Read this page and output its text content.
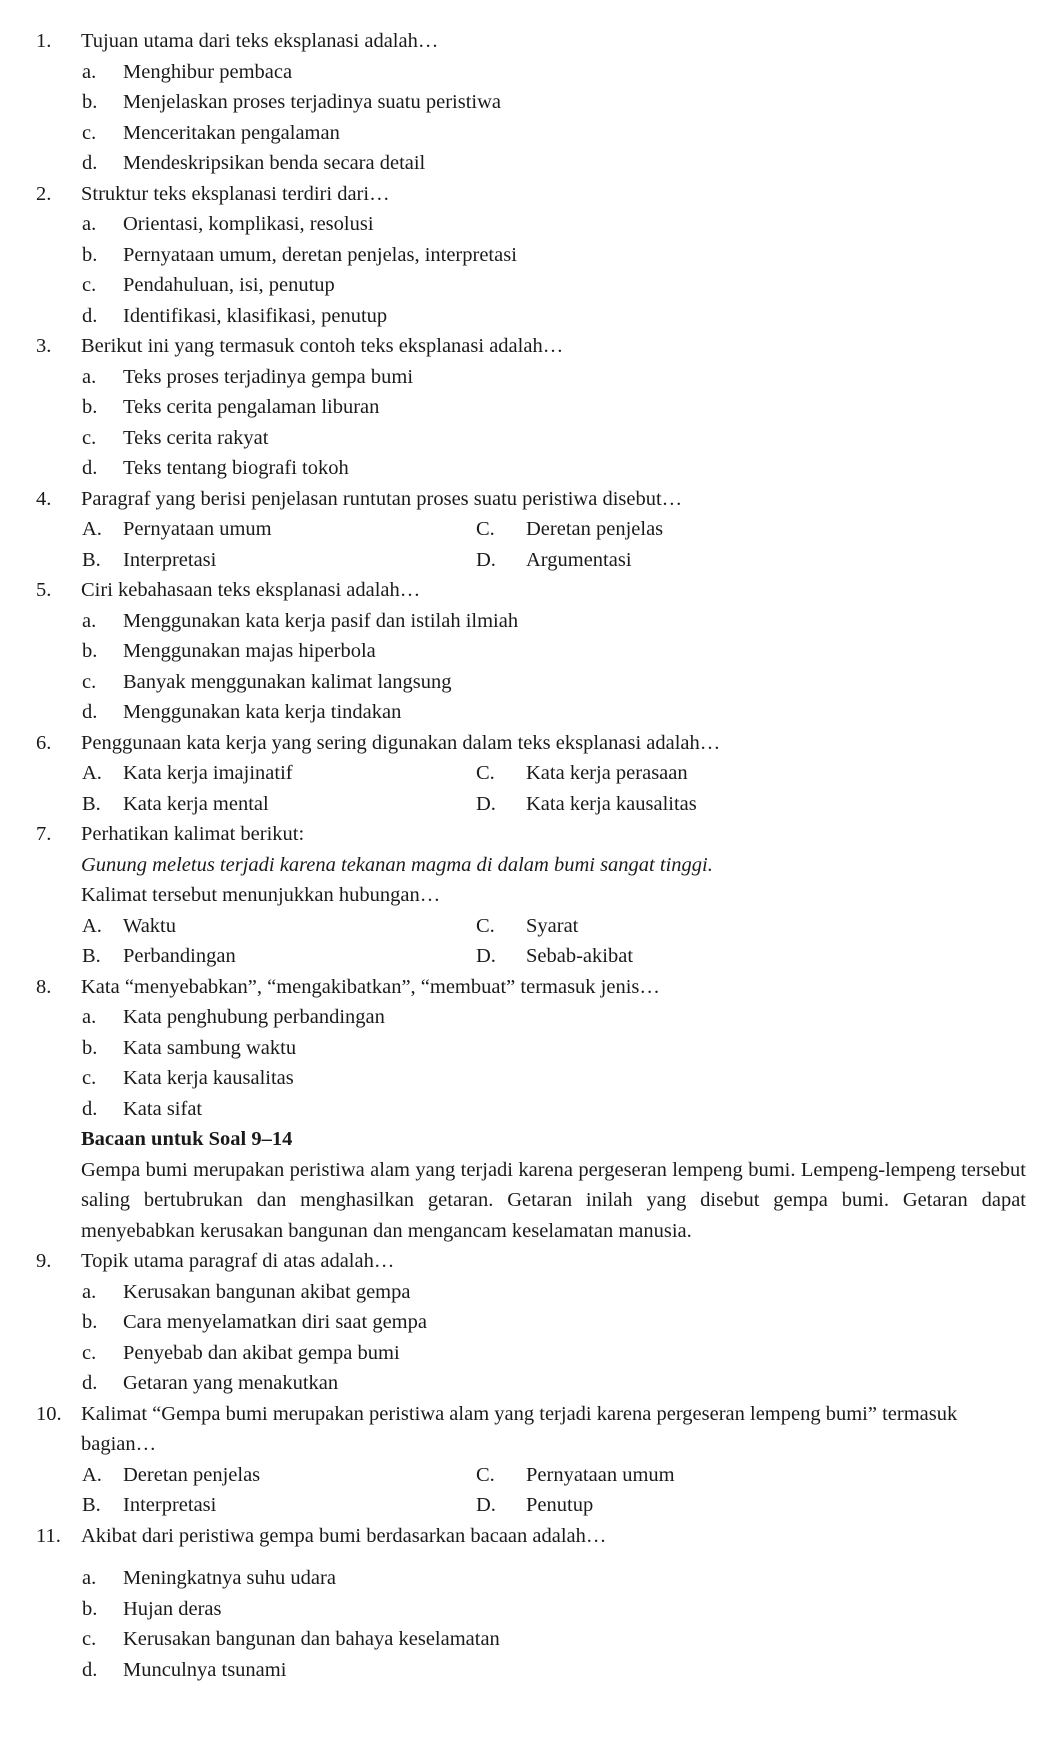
1. Tujuan utama dari teks eksplanasi adalah…
a. Menghibur pembaca
b. Menjelaskan proses terjadinya suatu peristiwa
c. Menceritakan pengalaman
d. Mendeskripsikan benda secara detail
2. Struktur teks eksplanasi terdiri dari…
a. Orientasi, komplikasi, resolusi
b. Pernyataan umum, deretan penjelas, interpretasi
c. Pendahuluan, isi, penutup
d. Identifikasi, klasifikasi, penutup
3. Berikut ini yang termasuk contoh teks eksplanasi adalah…
a. Teks proses terjadinya gempa bumi
b. Teks cerita pengalaman liburan
c. Teks cerita rakyat
d. Teks tentang biografi tokoh
4. Paragraf yang berisi penjelasan runtutan proses suatu peristiwa disebut…
A. Pernyataan umum	C. Deretan penjelas
B. Interpretasi	D. Argumentasi
5. Ciri kebahasaan teks eksplanasi adalah…
a. Menggunakan kata kerja pasif dan istilah ilmiah
b. Menggunakan majas hiperbola
c. Banyak menggunakan kalimat langsung
d. Menggunakan kata kerja tindakan
6. Penggunaan kata kerja yang sering digunakan dalam teks eksplanasi adalah…
A. Kata kerja imajinatif	C. Kata kerja perasaan
B. Kata kerja mental	D. Kata kerja kausalitas
7. Perhatikan kalimat berikut:
Gunung meletus terjadi karena tekanan magma di dalam bumi sangat tinggi.
Kalimat tersebut menunjukkan hubungan…
A. Waktu	C. Syarat
B. Perbandingan	D. Sebab-akibat
8. Kata “menyebabkan”, “mengakibatkan”, “membuat” termasuk jenis…
a. Kata penghubung perbandingan
b. Kata sambung waktu
c. Kata kerja kausalitas
d. Kata sifat
Bacaan untuk Soal 9–14
Gempa bumi merupakan peristiwa alam yang terjadi karena pergeseran lempeng bumi. Lempeng-lempeng tersebut saling bertubrukan dan menghasilkan getaran. Getaran inilah yang disebut gempa bumi. Getaran dapat menyebabkan kerusakan bangunan dan mengancam keselamatan manusia.
9. Topik utama paragraf di atas adalah…
a. Kerusakan bangunan akibat gempa
b. Cara menyelamatkan diri saat gempa
c. Penyebab dan akibat gempa bumi
d. Getaran yang menakutkan
10. Kalimat “Gempa bumi merupakan peristiwa alam yang terjadi karena pergeseran lempeng bumi” termasuk bagian…
A. Deretan penjelas	C. Pernyataan umum
B. Interpretasi	D. Penutup
11. Akibat dari peristiwa gempa bumi berdasarkan bacaan adalah…
a. Meningkatnya suhu udara
b. Hujan deras
c. Kerusakan bangunan dan bahaya keselamatan
d. Munculnya tsunami
